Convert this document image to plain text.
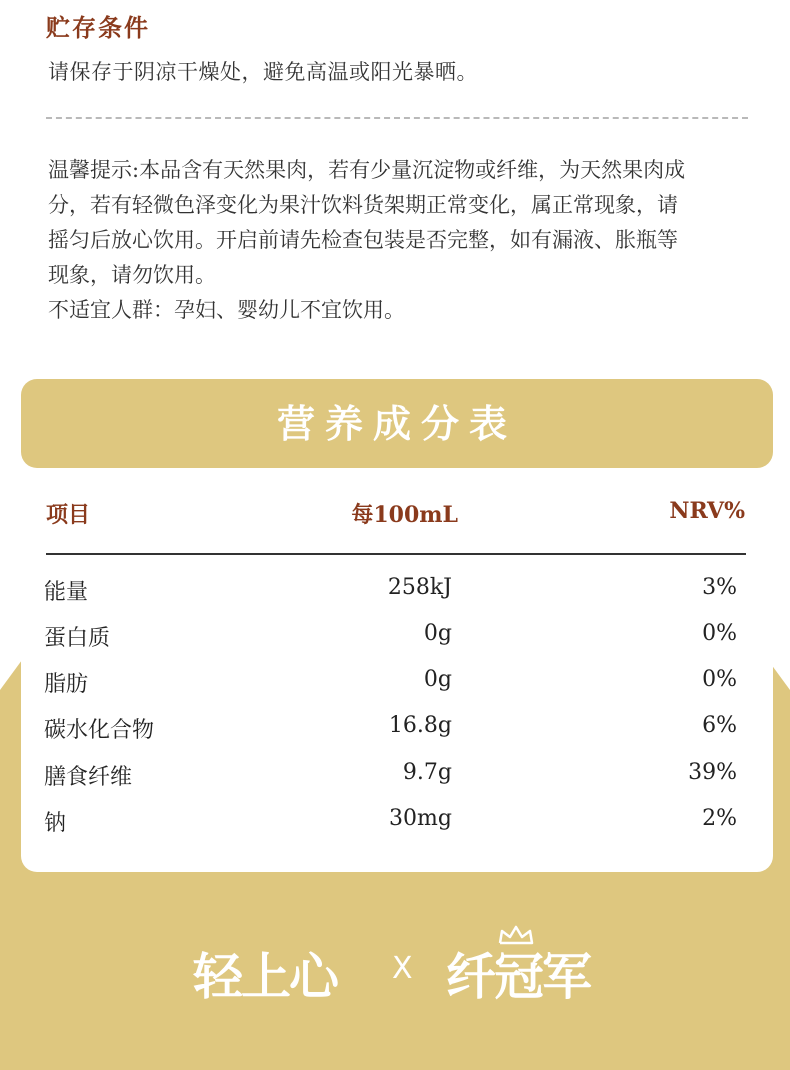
贮存条件
请保存于阴凉干燥处，避免高温或阳光暴晒。

温馨提示:本品含有天然果肉，若有少量沉淀物或纤维，为天然果肉成

分，若有轻微色泽变化为果汁饮料货架期正常变化，属正常现象，请

摇匀后放心饮用。开启前请先检查包装是否完整，如有漏液、胀瓶等

现象，请勿饮用。

不适宜人群：孕妇、婴幼儿不宜饮用。

营养成分表
项目	每100mL	NRV%
能量	258kJ	3%
蛋白质	0g	0%
脂肪	0g	0%
碳水化合物	16.8g	6%
膳食纤维	9.7g	39%
钠	30mg	2%
轻上心 X 纤冠军
